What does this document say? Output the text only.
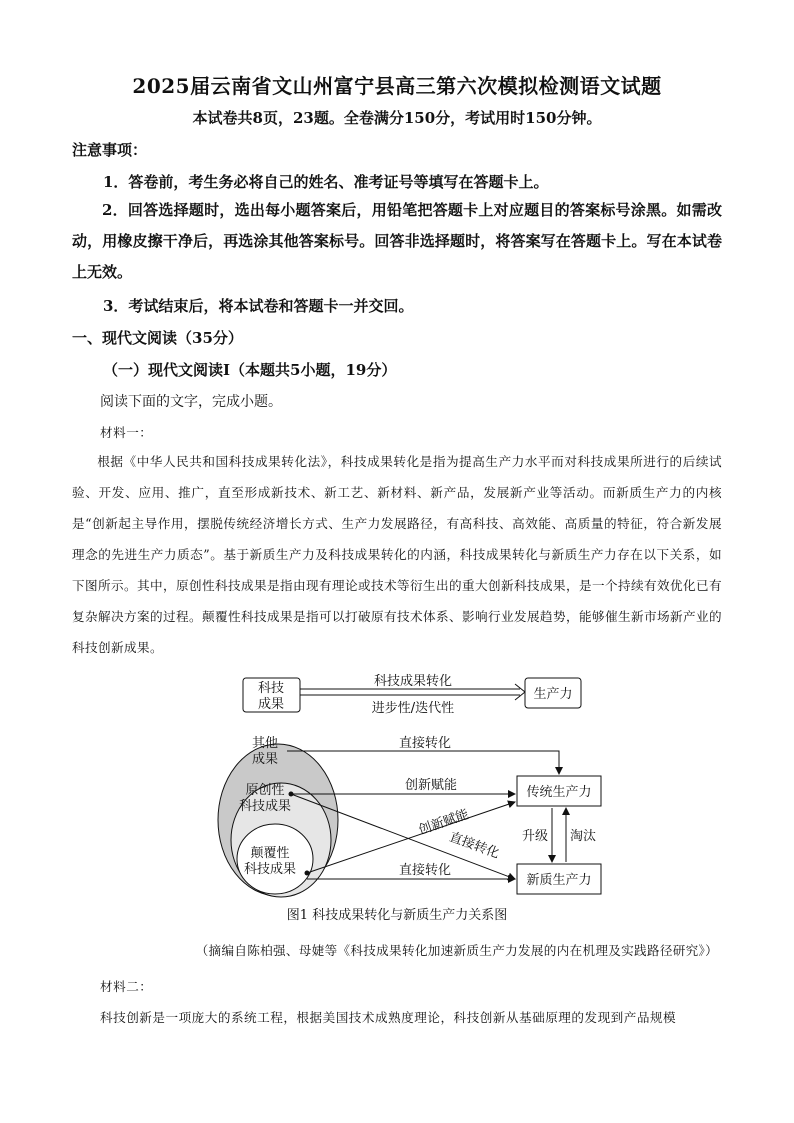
2025届云南省文山州富宁县高三第六次模拟检测语文试题
本试卷共8页，23题。全卷满分150分，考试用时150分钟。
注意事项：
1．答卷前，考生务必将自己的姓名、准考证号等填写在答题卡上。
2．回答选择题时，选出每小题答案后，用铅笔把答题卡上对应题目的答案标号涂黑。如需改动，用橡皮擦干净后，再选涂其他答案标号。回答非选择题时，将答案写在答题卡上。写在本试卷上无效。
3．考试结束后，将本试卷和答题卡一并交回。
一、现代文阅读（35分）
（一）现代文阅读Ⅰ（本题共5小题，19分）
阅读下面的文字，完成小题。
材料一：
根据《中华人民共和国科技成果转化法》，科技成果转化是指为提高生产力水平而对科技成果所进行的后续试验、开发、应用、推广，直至形成新技术、新工艺、新材料、新产品，发展新产业等活动。而新质生产力的内核是“创新起主导作用，摆脱传统经济增长方式、生产力发展路径，有高科技、高效能、高质量的特征，符合新发展理念的先进生产力质态”。基于新质生产力及科技成果转化的内涵，科技成果转化与新质生产力存在以下关系，如下图所示。其中，原创性科技成果是指由现有理论或技术等衍生出的重大创新科技成果，是一个持续有效优化已有复杂解决方案的过程。颠覆性科技成果是指可以打破原有技术体系、影响行业发展趋势，能够催生新市场新产业的科技创新成果。
科技
成果
科技成果转化
进步性/迭代性
生产力
其他
成果
原创性
科技成果
颠覆性
科技成果
传统生产力
新质生产力
直接转化
创新赋能
直接转化
创新赋能
直接转化
升级 淘汰
图1 科技成果转化与新质生产力关系图
（摘编自陈柏强、母婕等《科技成果转化加速新质生产力发展的内在机理及实践路径研究》）
材料二：
科技创新是一项庞大的系统工程，根据美国技术成熟度理论，科技创新从基础原理的发现到产品规模
